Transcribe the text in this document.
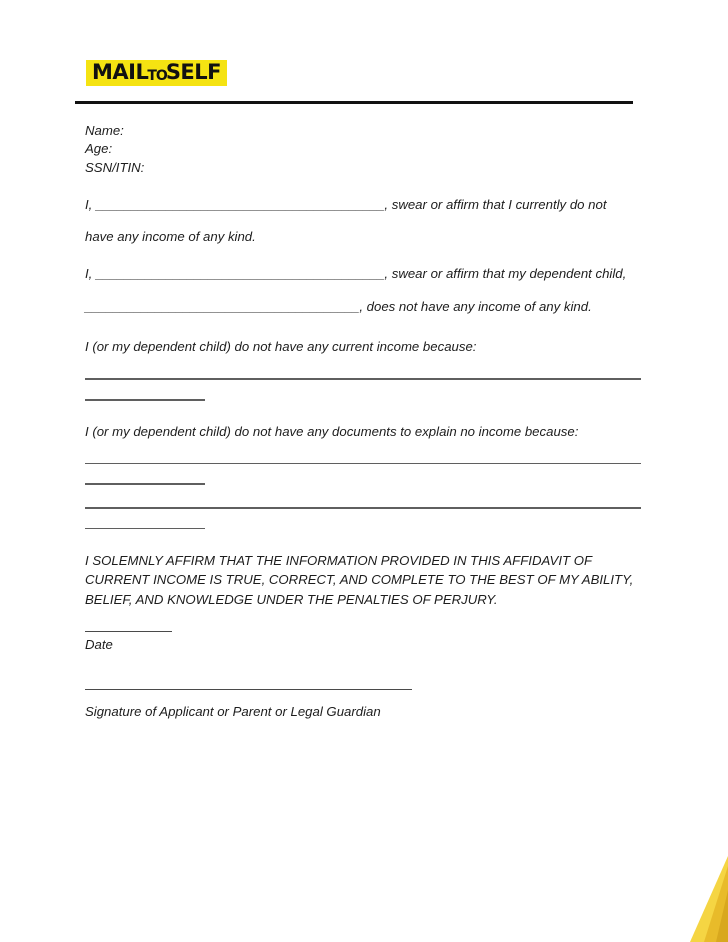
MAILTOSELF
Name:
Age:
SSN/ITIN:

I, _________________________________________, swear or affirm that I currently do not

have any income of any kind.

I, _________________________________________, swear or affirm that my dependent child,

_______________________________________, does not have any income of any kind.

I (or my dependent child) do not have any current income because:

I (or my dependent child) do not have any documents to explain no income because:

I SOLEMNLY AFFIRM THAT THE INFORMATION PROVIDED IN THIS AFFIDAVIT OF CURRENT INCOME IS TRUE, CORRECT, AND COMPLETE TO THE BEST OF MY ABILITY, BELIEF, AND KNOWLEDGE UNDER THE PENALTIES OF PERJURY.

Date

Signature of Applicant or Parent or Legal Guardian
